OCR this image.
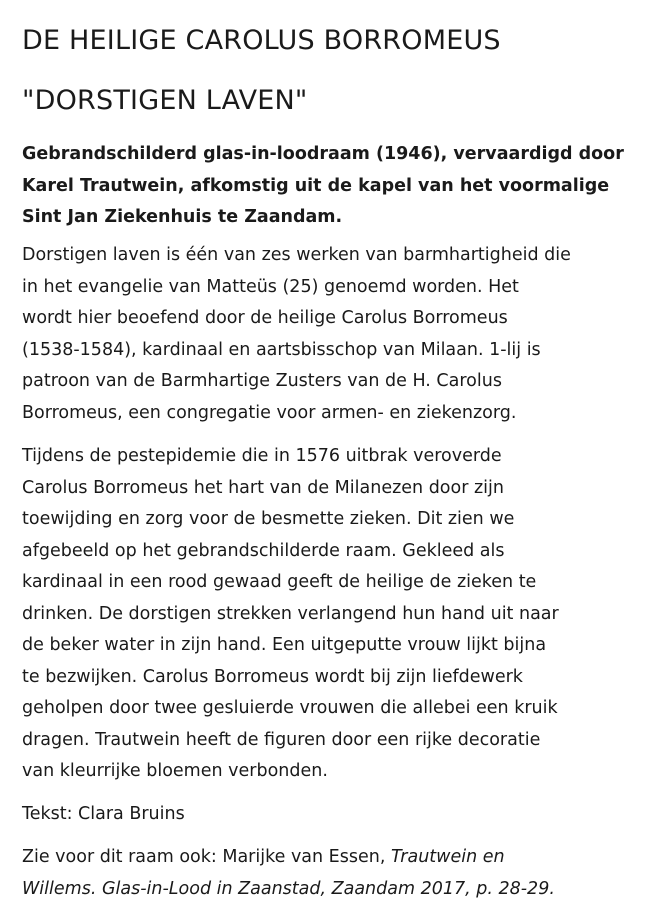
DE HEILIGE CAROLUS BORROMEUS
"DORSTIGEN LAVEN"

Gebrandschilderd glas-in-loodraam (1946), vervaardigd door
Karel Trautwein, afkomstig uit de kapel van het voormalige
Sint Jan Ziekenhuis te Zaandam.

Dorstigen laven is één van zes werken van barmhartigheid die
in het evangelie van Matteüs (25) genoemd worden. Het
wordt hier beoefend door de heilige Carolus Borromeus
(1538-1584), kardinaal en aartsbisschop van Milaan. 1-lij is
patroon van de Barmhartige Zusters van de H. Carolus
Borromeus, een congregatie voor armen- en ziekenzorg.

Tijdens de pestepidemie die in 1576 uitbrak veroverde
Carolus Borromeus het hart van de Milanezen door zijn
toewijding en zorg voor de besmette zieken. Dit zien we
afgebeeld op het gebrandschilderde raam. Gekleed als
kardinaal in een rood gewaad geeft de heilige de zieken te
drinken. De dorstigen strekken verlangend hun hand uit naar
de beker water in zijn hand. Een uitgeputte vrouw lijkt bijna
te bezwijken. Carolus Borromeus wordt bij zijn liefdewerk
geholpen door twee gesluierde vrouwen die allebei een kruik
dragen. Trautwein heeft de figuren door een rijke decoratie
van kleurrijke bloemen verbonden.

Tekst: Clara Bruins

Zie voor dit raam ook: Marijke van Essen, Trautwein en
Willems. Glas-in-Lood in Zaanstad, Zaandam 2017, p. 28-29.
